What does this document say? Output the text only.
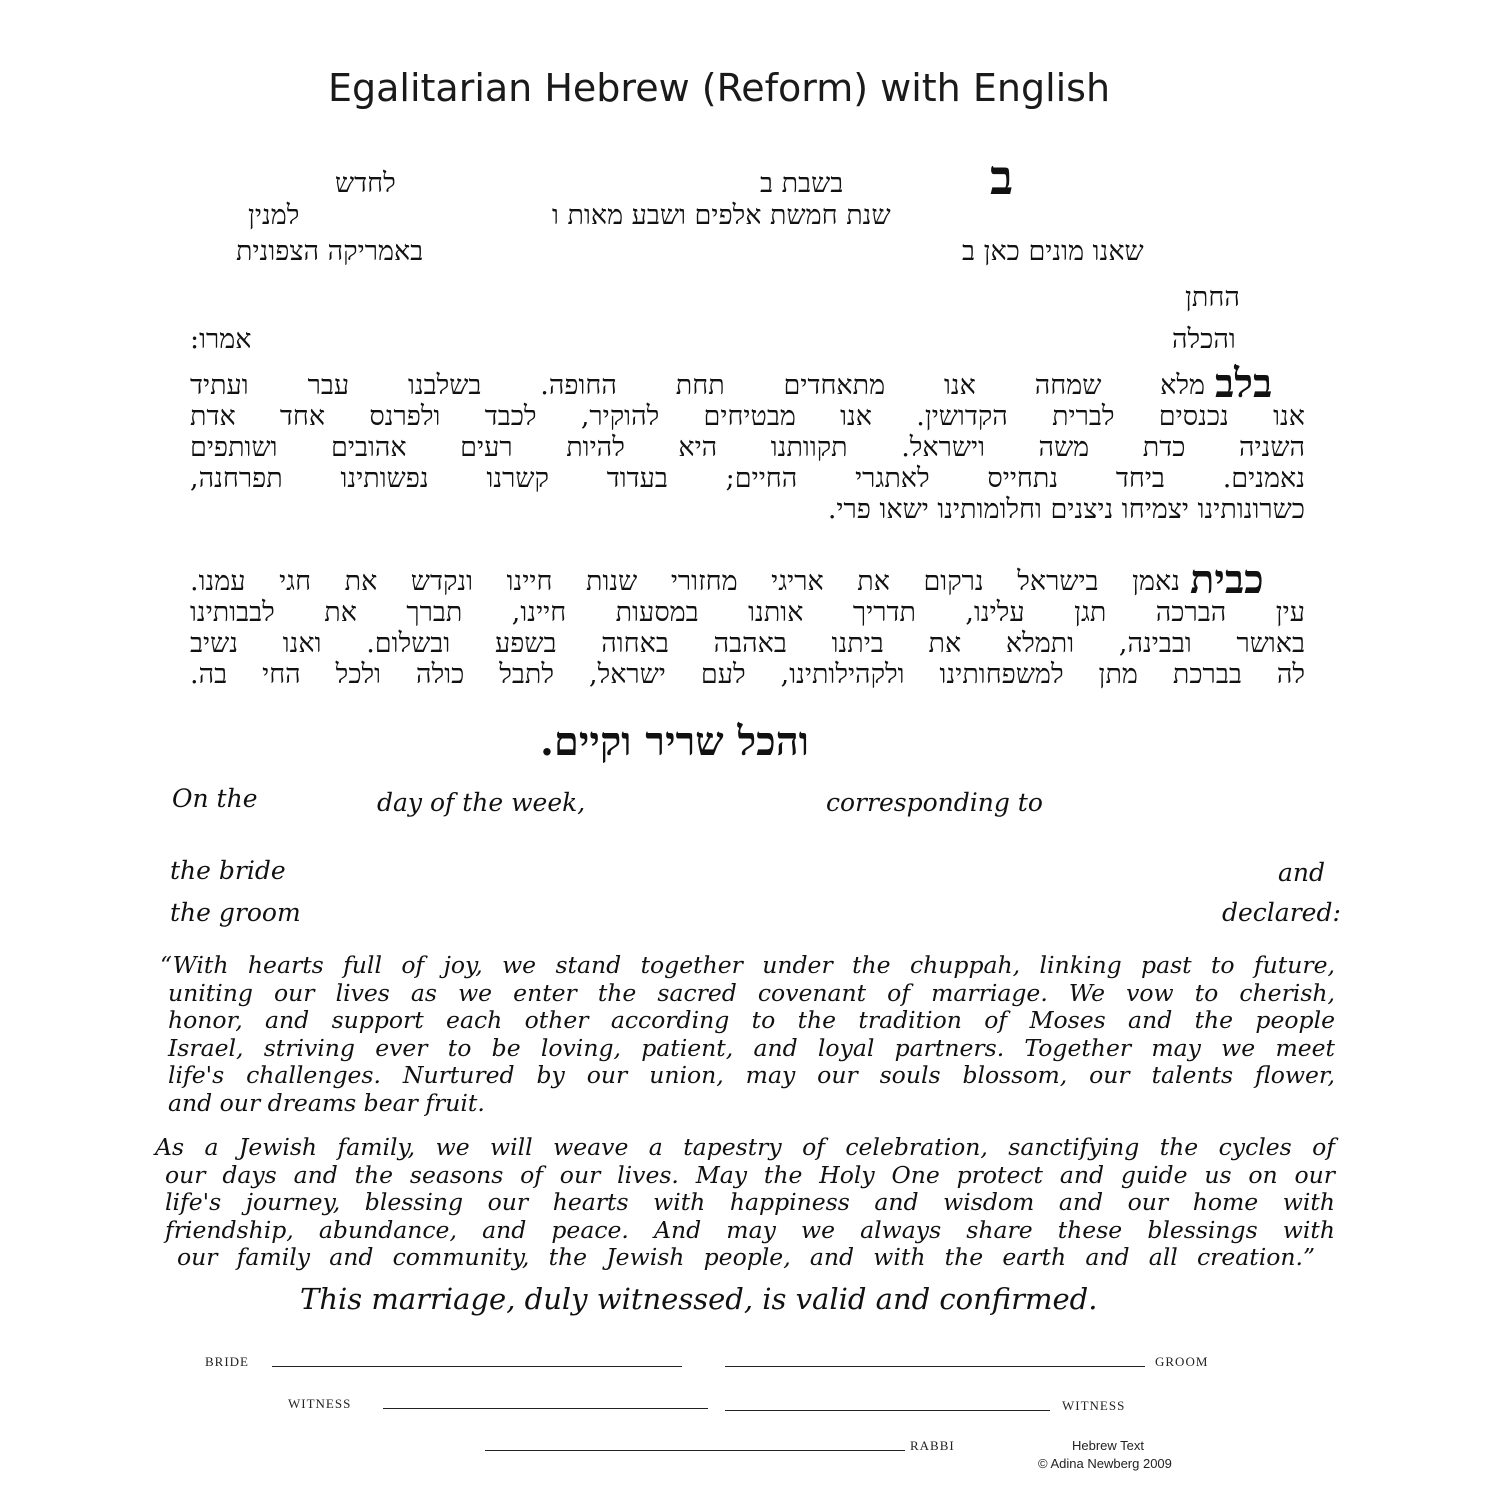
Egalitarian Hebrew (Reform) with English
ב
בשבת ב
לחדש
שנת חמשת אלפים ושבע מאות ו
למנין
שאנו מונים כאן ב
באמריקה הצפונית
החתן
והכלה
אמרו:
בלב
מלא שמחה אנו מתאחדים תחת החופה. בשלבנו עבר ועתיד
אנו נכנסים לברית הקדושין. אנו מבטיחים להוקיר, לכבד ולפרנס אחד אדת
השניה כדת משה וישראל. תקוותנו היא להיות רעים אהובים ושותפים
נאמנים. ביחד נתחייס לאתגרי החיים; בעדוד קשרנו נפשותינו תפרחנה,
כשרונותינו יצמיחו ניצנים וחלומותינו ישאו פרי.
כבית
נאמן בישראל נרקום את אריגי מחזורי שנות חיינו ונקדש את חגי עמנו.
עין הברכה תגן עלינו, תדריך אותנו במסעות חיינו, תברך את לבבותינו
באושר ובבינה, ותמלא את ביתנו באהבה באחוה בשפע ובשלום. ואנו נשיב
לה בברכת מתן למשפחותינו ולקהילותינו, לעם ישראל, לתבל כולה ולכל החי בה.
והכל שריר וקיים.
On the	day of the week,	corresponding to
the bride	and
the groom	declared:
“With hearts full of joy, we stand together under the chuppah, linking past to future,
uniting our lives as we enter the sacred covenant of marriage. We vow to cherish,
honor, and support each other according to the tradition of Moses and the people
Israel, striving ever to be loving, patient, and loyal partners. Together may we meet
life's challenges. Nurtured by our union, may our souls blossom, our talents flower,
and our dreams bear fruit.
As a Jewish family, we will weave a tapestry of celebration, sanctifying the cycles of
our days and the seasons of our lives. May the Holy One protect and guide us on our
life's journey, blessing our hearts with happiness and wisdom and our home with
friendship, abundance, and peace. And may we always share these blessings with
our family and community, the Jewish people, and with the earth and all creation.”
This marriage, duly witnessed, is valid and confirmed.
BRIDE	GROOM
WITNESS	WITNESS
RABBI	Hebrew Text
© Adina Newberg 2009
